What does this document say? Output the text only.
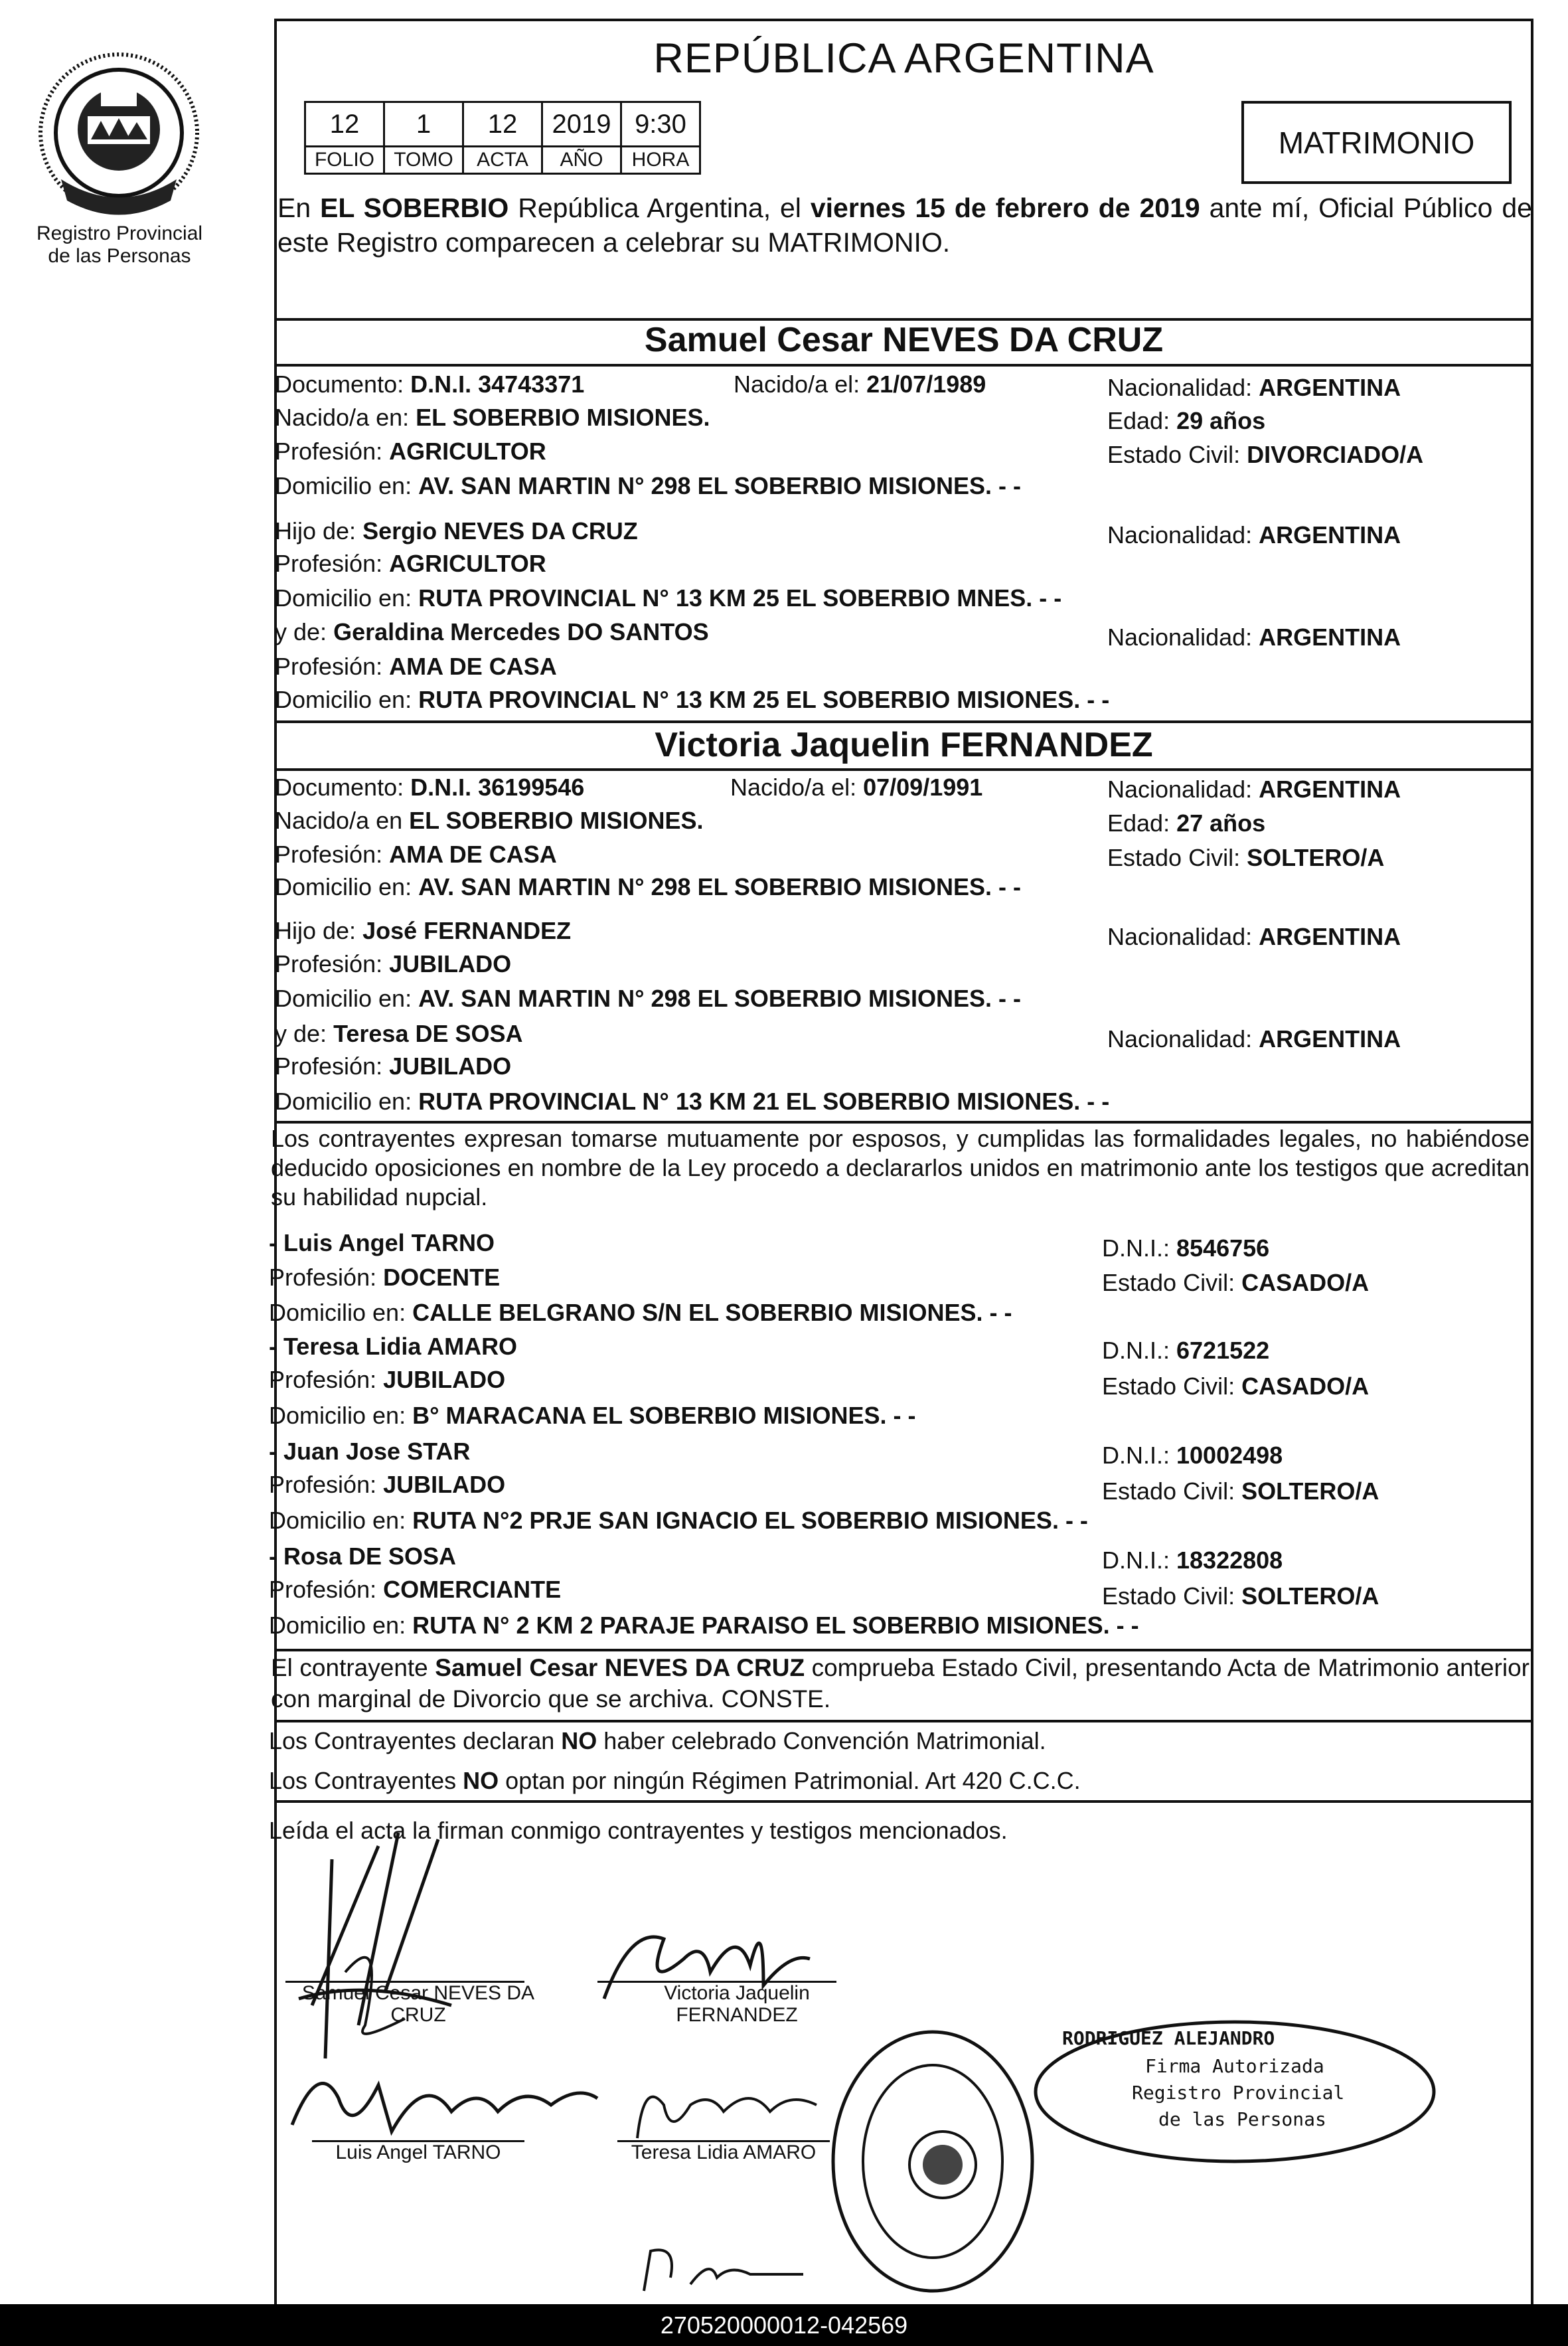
Registro Provincial
de las Personas
REPÚBLICA ARGENTINA
12	1	12	2019	9:30
FOLIO	TOMO	ACTA	AÑO	HORA	MATRIMONIO
En EL SOBERBIO República Argentina, el viernes 15 de febrero de 2019 ante mí, Oficial Público de este Registro comparecen a celebrar su MATRIMONIO.
Samuel Cesar NEVES DA CRUZ
Documento: D.N.I. 34743371	Nacido/a el: 21/07/1989	Nacionalidad: ARGENTINA
Nacido/a en: EL SOBERBIO MISIONES.	Edad: 29 años
Profesión: AGRICULTOR	Estado Civil: DIVORCIADO/A
Domicilio en: AV. SAN MARTIN N° 298 EL SOBERBIO MISIONES. - -
Hijo de: Sergio NEVES DA CRUZ	Nacionalidad: ARGENTINA
Profesión: AGRICULTOR
Domicilio en: RUTA PROVINCIAL N° 13 KM 25 EL SOBERBIO MNES. - -
y de: Geraldina Mercedes DO SANTOS	Nacionalidad: ARGENTINA
Profesión: AMA DE CASA
Domicilio en: RUTA PROVINCIAL N° 13 KM 25 EL SOBERBIO MISIONES. - -
Victoria Jaquelin FERNANDEZ
Documento: D.N.I. 36199546	Nacido/a el: 07/09/1991	Nacionalidad: ARGENTINA
Nacido/a en EL SOBERBIO MISIONES.	Edad: 27 años
Profesión: AMA DE CASA	Estado Civil: SOLTERO/A
Domicilio en: AV. SAN MARTIN N° 298 EL SOBERBIO MISIONES. - -
Hijo de: José FERNANDEZ	Nacionalidad: ARGENTINA
Profesión: JUBILADO
Domicilio en: AV. SAN MARTIN N° 298 EL SOBERBIO MISIONES. - -
y de: Teresa DE SOSA	Nacionalidad: ARGENTINA
Profesión: JUBILADO
Domicilio en: RUTA PROVINCIAL N° 13 KM 21 EL SOBERBIO MISIONES. - -
Los contrayentes expresan tomarse mutuamente por esposos, y cumplidas las formalidades legales, no habiéndose deducido oposiciones en nombre de la Ley procedo a declararlos unidos en matrimonio ante los testigos que acreditan su habilidad nupcial.
- Luis Angel TARNO	D.N.I.: 8546756
Profesión: DOCENTE	Estado Civil: CASADO/A
Domicilio en: CALLE BELGRANO S/N EL SOBERBIO MISIONES. - -
- Teresa Lidia AMARO	D.N.I.: 6721522
Profesión: JUBILADO	Estado Civil: CASADO/A
Domicilio en: B° MARACANA EL SOBERBIO MISIONES. - -
- Juan Jose STAR	D.N.I.: 10002498
Profesión: JUBILADO	Estado Civil: SOLTERO/A
Domicilio en: RUTA N°2 PRJE SAN IGNACIO EL SOBERBIO MISIONES. - -
- Rosa DE SOSA	D.N.I.: 18322808
Profesión: COMERCIANTE	Estado Civil: SOLTERO/A
Domicilio en: RUTA N° 2 KM 2 PARAJE PARAISO EL SOBERBIO MISIONES. - -
El contrayente Samuel Cesar NEVES DA CRUZ comprueba Estado Civil, presentando Acta de Matrimonio anterior con marginal de Divorcio que se archiva. CONSTE.
Los Contrayentes declaran NO haber celebrado Convención Matrimonial.
Los Contrayentes NO optan por ningún Régimen Patrimonial. Art 420 C.C.C.
Leída el acta la firman conmigo contrayentes y testigos mencionados.
Samuel Cesar NEVES DA
CRUZ
Victoria Jaquelin
FERNANDEZ
Luis Angel TARNO	Teresa Lidia AMARO
RODRIGUEZ ALEJANDRO
Firma Autorizada
Registro Provincial
de las Personas
270520000012-042569
